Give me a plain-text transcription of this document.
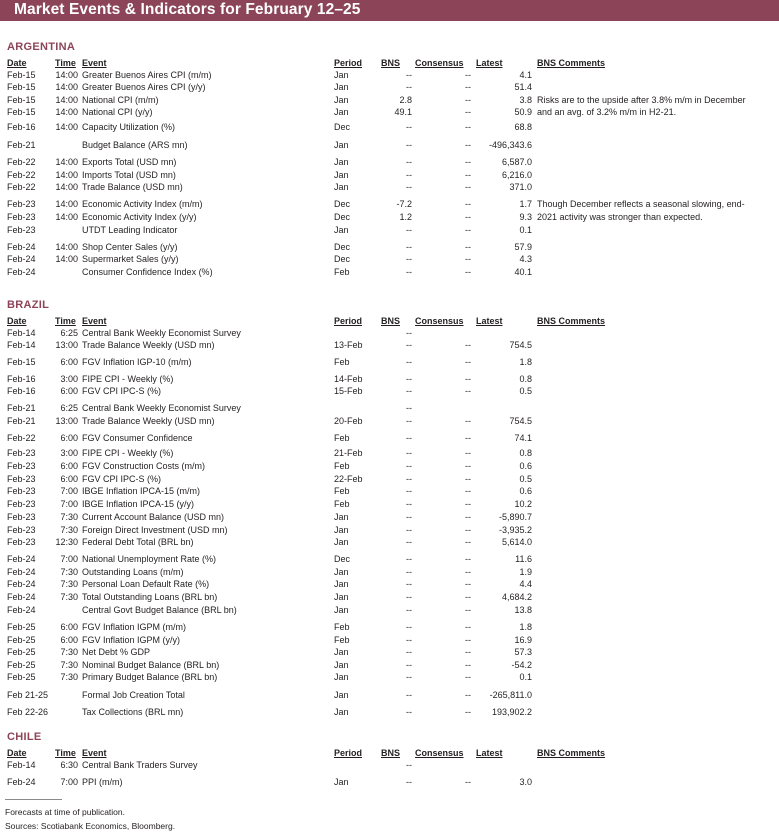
Market Events & Indicators for February 12–25
ARGENTINA
Date	Time Event	Period BNS Consensus Latest	BNS Comments
Feb-15	14:00 Greater Buenos Aires CPI (m/m)	Jan	--	--	4.1
Feb-15	14:00 Greater Buenos Aires CPI (y/y)	Jan	--	--	51.4
Feb-15	14:00 National CPI (m/m)	Jan	2.8	--	3.8 Risks are to the upside after 3.8% m/m in December
Feb-15	14:00 National CPI (y/y)	Jan	49.1	--	50.9 and an avg. of 3.2% m/m in H2-21.
Feb-16	14:00 Capacity Utilization (%)	Dec	--	--	68.8
Feb-21	Budget Balance (ARS mn)	Jan	--	--	-496,343.6
Feb-22	14:00 Exports Total (USD mn)	Jan	--	--	6,587.0
Feb-22	14:00 Imports Total (USD mn)	Jan	--	--	6,216.0
Feb-22	14:00 Trade Balance (USD mn)	Jan	--	--	371.0
Feb-23	14:00 Economic Activity Index (m/m)	Dec	-7.2	--	1.7 Though December reflects a seasonal slowing, end-
Feb-23	14:00 Economic Activity Index (y/y)	Dec	1.2	--	9.3 2021 activity was stronger than expected.
Feb-23	UTDT Leading Indicator	Jan	--	--	0.1
Feb-24	14:00 Shop Center Sales (y/y)	Dec	--	--	57.9
Feb-24	14:00 Supermarket Sales (y/y)	Dec	--	--	4.3
Feb-24	Consumer Confidence Index (%)	Feb	--	--	40.1
BRAZIL
Date	Time Event	Period BNS Consensus Latest	BNS Comments
Feb-14	6:25 Central Bank Weekly Economist Survey	--
Feb-14	13:00 Trade Balance Weekly (USD mn)	13-Feb	--	--	754.5
Feb-15	6:00 FGV Inflation IGP-10 (m/m)	Feb	--	--	1.8
Feb-16	3:00 FIPE CPI - Weekly (%)	14-Feb	--	--	0.8
Feb-16	6:00 FGV CPI IPC-S (%)	15-Feb	--	--	0.5
Feb-21	6:25 Central Bank Weekly Economist Survey	--
Feb-21	13:00 Trade Balance Weekly (USD mn)	20-Feb	--	--	754.5
Feb-22	6:00 FGV Consumer Confidence	Feb	--	--	74.1
Feb-23	3:00 FIPE CPI - Weekly (%)	21-Feb	--	--	0.8
Feb-23	6:00 FGV Construction Costs (m/m)	Feb	--	--	0.6
Feb-23	6:00 FGV CPI IPC-S (%)	22-Feb	--	--	0.5
Feb-23	7:00 IBGE Inflation IPCA-15 (m/m)	Feb	--	--	0.6
Feb-23	7:00 IBGE Inflation IPCA-15 (y/y)	Feb	--	--	10.2
Feb-23	7:30 Current Account Balance (USD mn)	Jan	--	--	-5,890.7
Feb-23	7:30 Foreign Direct Investment (USD mn)	Jan	--	--	-3,935.2
Feb-23	12:30 Federal Debt Total (BRL bn)	Jan	--	--	5,614.0
Feb-24	7:00 National Unemployment Rate (%)	Dec	--	--	11.6
Feb-24	7:30 Outstanding Loans (m/m)	Jan	--	--	1.9
Feb-24	7:30 Personal Loan Default Rate (%)	Jan	--	--	4.4
Feb-24	7:30 Total Outstanding Loans (BRL bn)	Jan	--	--	4,684.2
Feb-24	Central Govt Budget Balance (BRL bn)	Jan	--	--	13.8
Feb-25	6:00 FGV Inflation IGPM (m/m)	Feb	--	--	1.8
Feb-25	6:00 FGV Inflation IGPM (y/y)	Feb	--	--	16.9
Feb-25	7:30 Net Debt % GDP	Jan	--	--	57.3
Feb-25	7:30 Nominal Budget Balance (BRL bn)	Jan	--	--	-54.2
Feb-25	7:30 Primary Budget Balance (BRL bn)	Jan	--	--	0.1
Feb 21-25	Formal Job Creation Total	Jan	--	--	-265,811.0
Feb 22-26	Tax Collections (BRL mn)	Jan	--	--	193,902.2
CHILE
Date	Time Event	Period BNS Consensus Latest	BNS Comments
Feb-14	6:30 Central Bank Traders Survey	--
Feb-24	7:00 PPI (m/m)	Jan	--	--	3.0
Forecasts at time of publication.
Sources: Scotiabank Economics, Bloomberg.
